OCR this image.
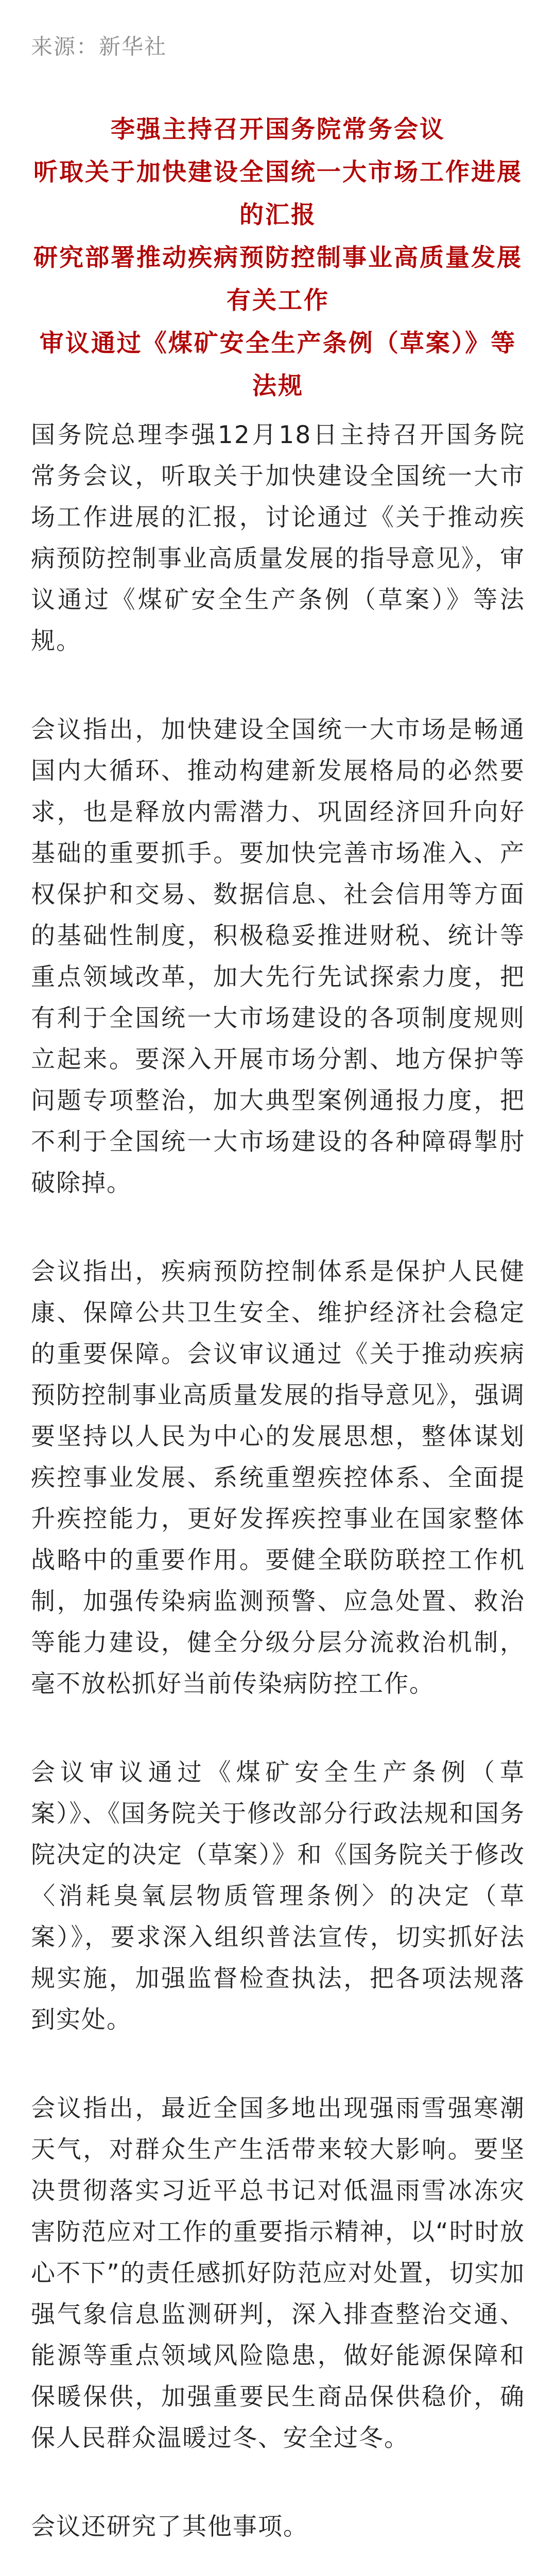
来源：新华社
李强主持召开国务院常务会议
听取关于加快建设全国统一大市场工作进展的汇报
研究部署推动疾病预防控制事业高质量发展有关工作
审议通过《煤矿安全生产条例（草案）》等法规

国务院总理李强12月18日主持召开国务院常务会议，听取关于加快建设全国统一大市场工作进展的汇报，讨论通过《关于推动疾病预防控制事业高质量发展的指导意见》，审议通过《煤矿安全生产条例（草案）》等法规。

会议指出，加快建设全国统一大市场是畅通国内大循环、推动构建新发展格局的必然要求，也是释放内需潜力、巩固经济回升向好基础的重要抓手。要加快完善市场准入、产权保护和交易、数据信息、社会信用等方面的基础性制度，积极稳妥推进财税、统计等重点领域改革，加大先行先试探索力度，把有利于全国统一大市场建设的各项制度规则立起来。要深入开展市场分割、地方保护等问题专项整治，加大典型案例通报力度，把不利于全国统一大市场建设的各种障碍掣肘破除掉。

会议指出，疾病预防控制体系是保护人民健康、保障公共卫生安全、维护经济社会稳定的重要保障。会议审议通过《关于推动疾病预防控制事业高质量发展的指导意见》，强调要坚持以人民为中心的发展思想，整体谋划疾控事业发展、系统重塑疾控体系、全面提升疾控能力，更好发挥疾控事业在国家整体战略中的重要作用。要健全联防联控工作机制，加强传染病监测预警、应急处置、救治等能力建设，健全分级分层分流救治机制，毫不放松抓好当前传染病防控工作。

会议审议通过《煤矿安全生产条例（草案）》、《国务院关于修改部分行政法规和国务院决定的决定（草案）》和《国务院关于修改〈消耗臭氧层物质管理条例〉的决定（草案）》，要求深入组织普法宣传，切实抓好法规实施，加强监督检查执法，把各项法规落到实处。

会议指出，最近全国多地出现强雨雪强寒潮天气，对群众生产生活带来较大影响。要坚决贯彻落实习近平总书记对低温雨雪冰冻灾害防范应对工作的重要指示精神，以“时时放心不下”的责任感抓好防范应对处置，切实加强气象信息监测研判，深入排查整治交通、能源等重点领域风险隐患，做好能源保障和保暖保供，加强重要民生商品保供稳价，确保人民群众温暖过冬、安全过冬。

会议还研究了其他事项。
